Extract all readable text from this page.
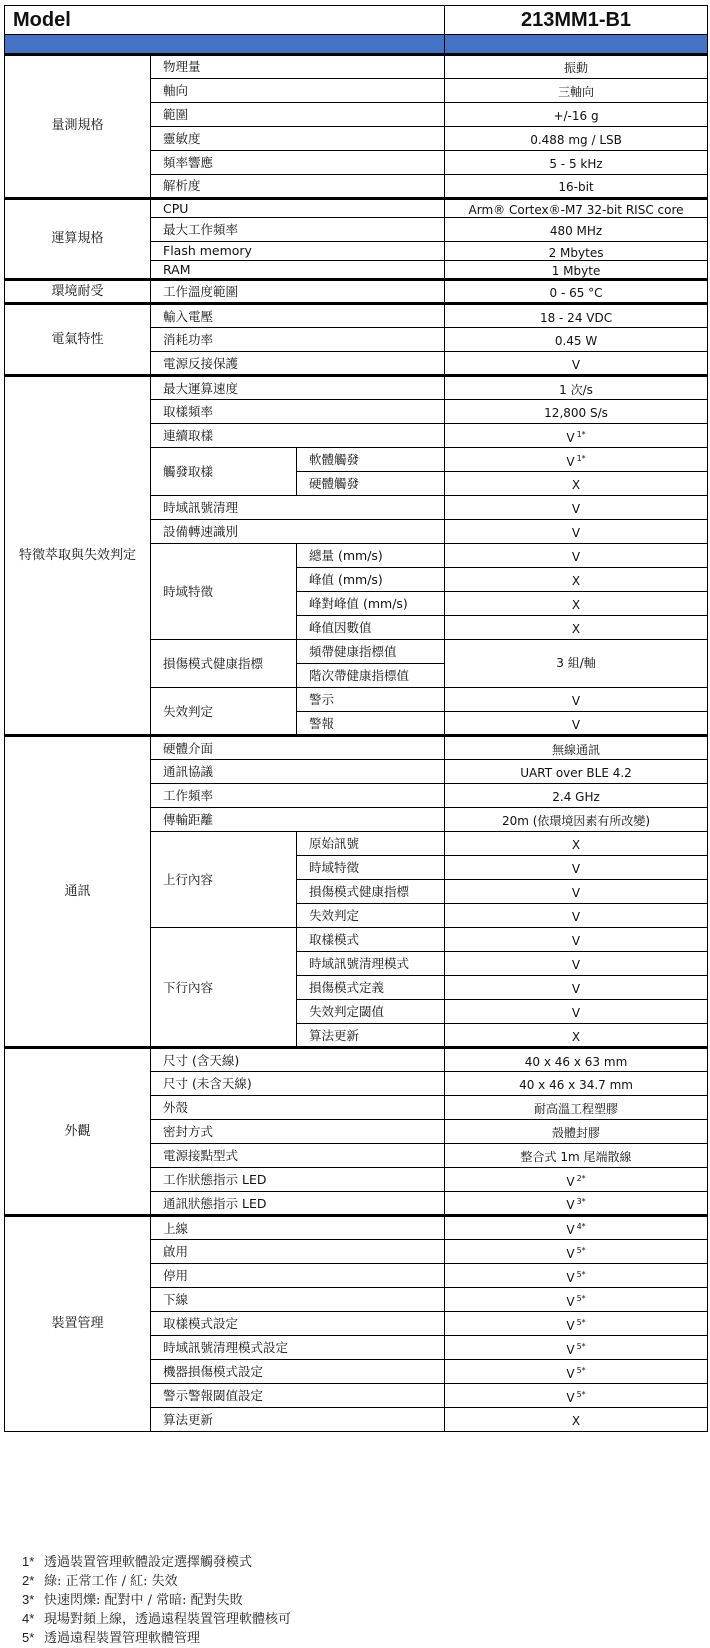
Model			213MM1-B1

量測規格	物理量		振動
	軸向		三軸向
	範圍		+/-16 g
	靈敏度		0.488 mg / LSB
	頻率響應		5 - 5 kHz
	解析度		16-bit
運算規格	CPU		Arm® Cortex®-M7 32-bit RISC core
	最大工作頻率		480 MHz
	Flash memory		2 Mbytes
	RAM		1 Mbyte
環境耐受	工作溫度範圍		0 - 65 °C
電氣特性	輸入電壓		18 - 24 VDC
	消耗功率		0.45 W
	電源反接保護		V
特徵萃取與失效判定	最大運算速度		1 次/s
	取樣頻率		12,800 S/s
	連續取樣		V $^{1*}$
	觸發取樣	軟體觸發	V $^{1*}$
		硬體觸發	X
	時域訊號清理		V
	設備轉速識別		V
	時域特徵	總量 (mm/s)	V
		峰值 (mm/s)	X
		峰對峰值 (mm/s)	X
		峰值因數值	X
	損傷模式健康指標	頻帶健康指標值	3 組/軸
		階次帶健康指標值	
	失效判定	警示	V
		警報	V
通訊	硬體介面		無線通訊
	通訊協議		UART over BLE 4.2
	工作頻率		2.4 GHz
	傳輸距離		20m (依環境因素有所改變)
	上行內容	原始訊號	X
		時域特徵	V
		損傷模式健康指標	V
		失效判定	V
	下行內容	取樣模式	V
		時域訊號清理模式	V
		損傷模式定義	V
		失效判定閾值	V
		算法更新	X
外觀	尺寸 (含天線)		40 x 46 x 63 mm
	尺寸 (未含天線)		40 x 46 x 34.7 mm
	外殼		耐高溫工程塑膠
	密封方式		殼體封膠
	電源接點型式		整合式 1m 尾端散線
	工作狀態指示 LED		V $^{2*}$
	通訊狀態指示 LED		V $^{3*}$
裝置管理	上線		V $^{4*}$
	啟用		V $^{5*}$
	停用		V $^{5*}$
	下線		V $^{5*}$
	取樣模式設定		V $^{5*}$
	時域訊號清理模式設定		V $^{5*}$
	機器損傷模式設定		V $^{5*}$
	警示警報閾值設定		V $^{5*}$
	算法更新		X
1* 透過裝置管理軟體設定選擇觸發模式
2* 綠: 正常工作 / 紅: 失效
3* 快速閃爍: 配對中 / 常暗: 配對失敗
4* 現場對頻上線，透過遠程裝置管理軟體核可
5* 透過遠程裝置管理軟體管理
